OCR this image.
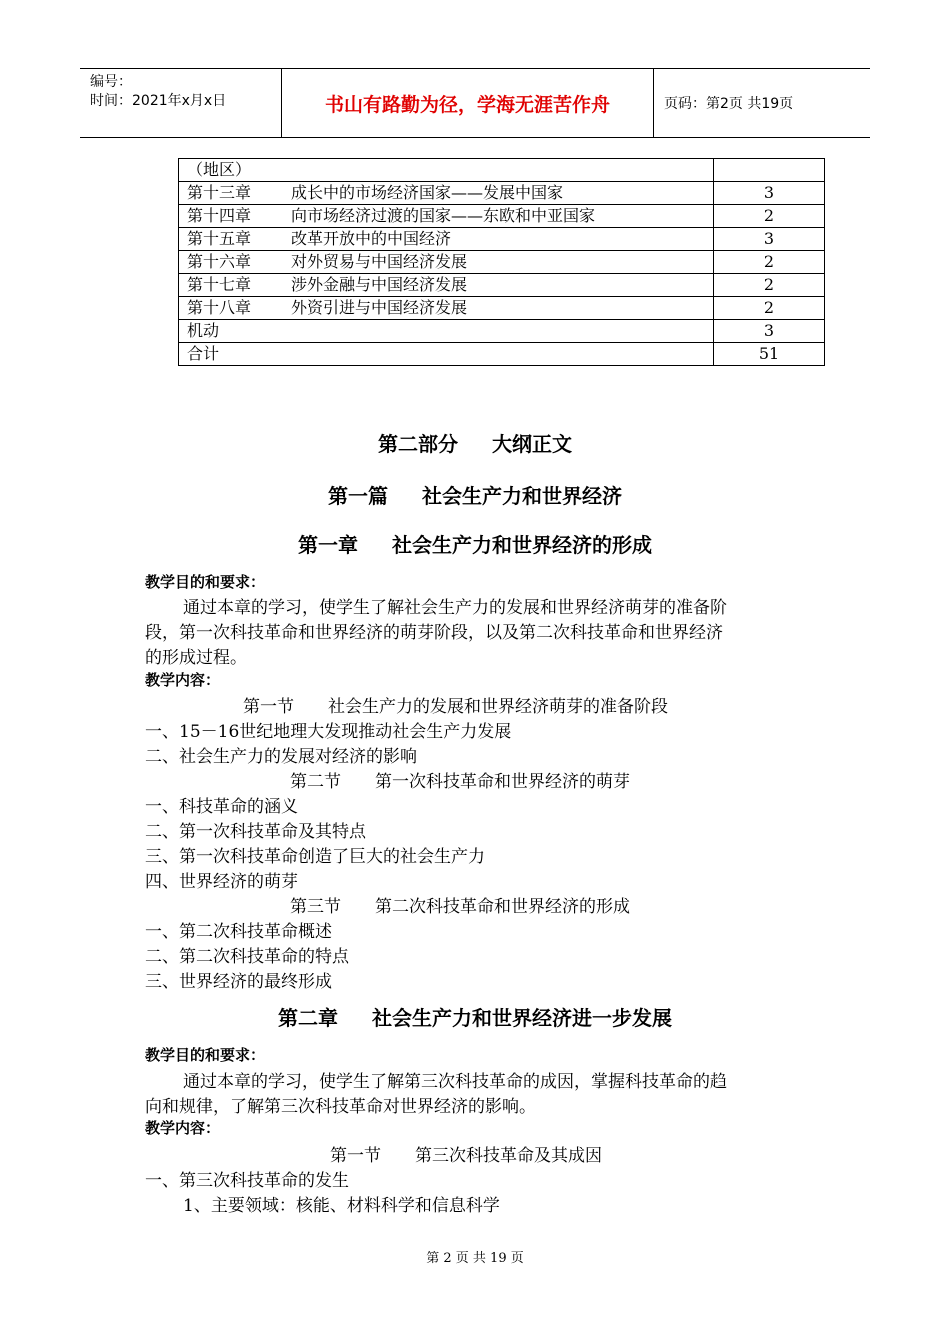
编号：
时间：2021年x月x日	书山有路勤为径，学海无涯苦作舟	页码：第2页 共19页
（地区）	
第十三章 成长中的市场经济国家——发展中国家	3
第十四章 向市场经济过渡的国家——东欧和中亚国家	2
第十五章 改革开放中的中国经济	3
第十六章 对外贸易与中国经济发展	2
第十七章 涉外金融与中国经济发展	2
第十八章 外资引进与中国经济发展	2
机动	3
合计	51
第二部分 大纲正文
第一篇 社会生产力和世界经济
第一章 社会生产力和世界经济的形成
教学目的和要求：
通过本章的学习，使学生了解社会生产力的发展和世界经济萌芽的准备阶
段，第一次科技革命和世界经济的萌芽阶段，以及第二次科技革命和世界经济
的形成过程。
教学内容：
第一节 社会生产力的发展和世界经济萌芽的准备阶段
一、15－16世纪地理大发现推动社会生产力发展
二、社会生产力的发展对经济的影响
第二节 第一次科技革命和世界经济的萌芽
一、科技革命的涵义
二、第一次科技革命及其特点
三、第一次科技革命创造了巨大的社会生产力
四、世界经济的萌芽
第三节 第二次科技革命和世界经济的形成
一、第二次科技革命概述
二、第二次科技革命的特点
三、世界经济的最终形成
第二章 社会生产力和世界经济进一步发展
教学目的和要求：
通过本章的学习，使学生了解第三次科技革命的成因，掌握科技革命的趋
向和规律，了解第三次科技革命对世界经济的影响。
教学内容：
第一节 第三次科技革命及其成因
一、第三次科技革命的发生
1、主要领域：核能、材料科学和信息科学
第 2 页 共 19 页
